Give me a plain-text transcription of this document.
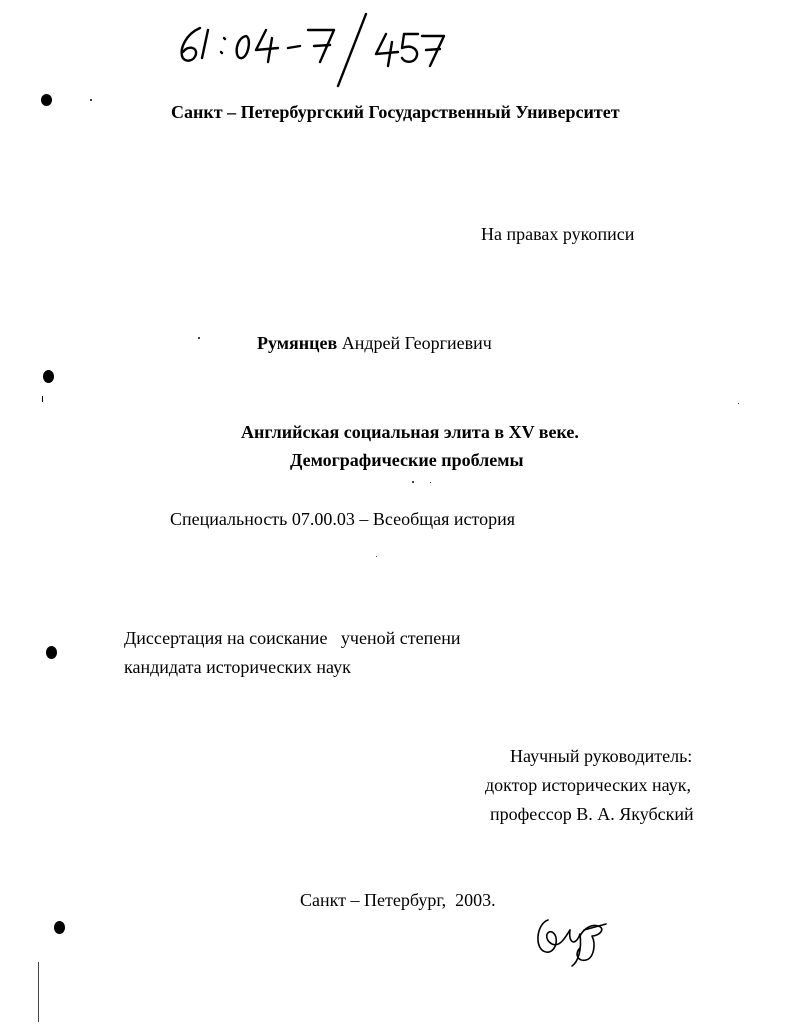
Санкт – Петербургский Государственный Университет
На правах рукописи
Румянцев Андрей Георгиевич
Английская социальная элита в XV веке.
Демографические проблемы
Специальность 07.00.03 – Всеобщая история
Диссертация на соискание   ученой степени
кандидата исторических наук
Научный руководитель:
доктор исторических наук,
профессор В. А. Якубский
Санкт – Петербург,  2003.
